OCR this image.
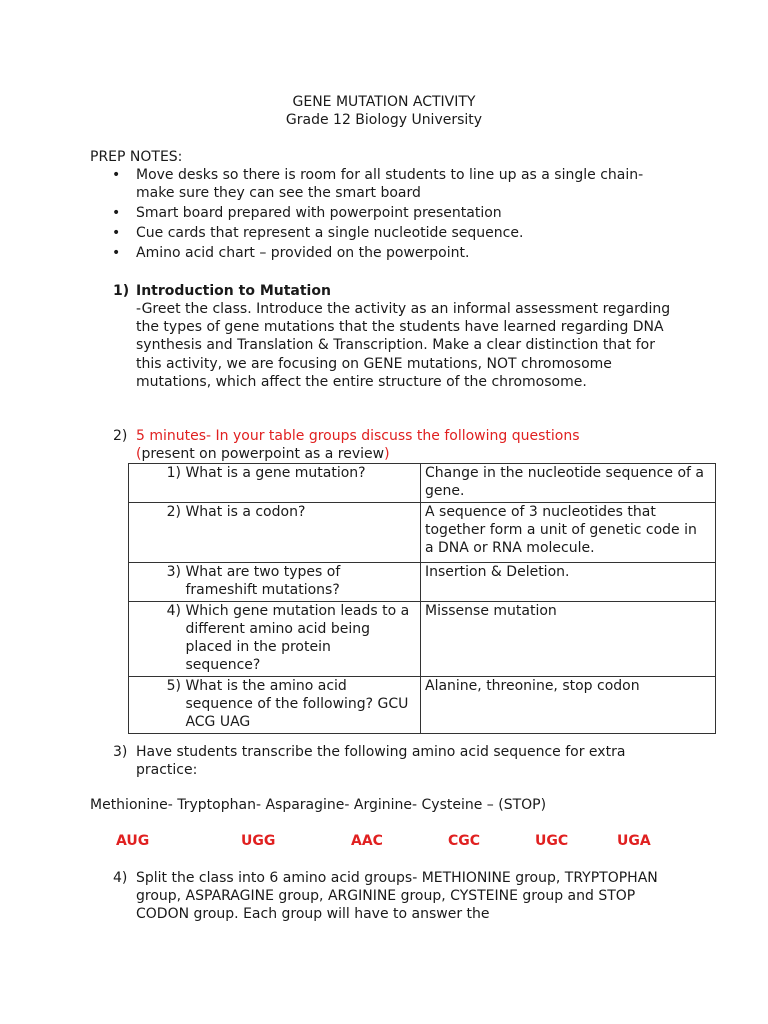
GENE MUTATION ACTIVITY
Grade 12 Biology University
PREP NOTES:
• Move desks so there is room for all students to line up as a single chain- make sure they can see the smart board
• Smart board prepared with powerpoint presentation
• Cue cards that represent a single nucleotide sequence.
• Amino acid chart – provided on the powerpoint.
1) Introduction to Mutation
-Greet the class. Introduce the activity as an informal assessment regarding the types of gene mutations that the students have learned regarding DNA synthesis and Translation & Transcription. Make a clear distinction that for this activity, we are focusing on GENE mutations, NOT chromosome mutations, which affect the entire structure of the chromosome.
2) 5 minutes- In your table groups discuss the following questions
(present on powerpoint as a review)
1) What is a gene mutation?	Change in the nucleotide sequence of a gene.
2) What is a codon?	A sequence of 3 nucleotides that together form a unit of genetic code in a DNA or RNA molecule.
3) What are two types of frameshift mutations?	Insertion & Deletion.
4) Which gene mutation leads to a different amino acid being placed in the protein sequence?	Missense mutation
5) What is the amino acid sequence of the following? GCU ACG UAG	Alanine, threonine, stop codon
3) Have students transcribe the following amino acid sequence for extra practice:
Methionine- Tryptophan- Asparagine- Arginine- Cysteine – (STOP)
AUG	UGG	AAC	CGC	UGC	UGA
4) Split the class into 6 amino acid groups- METHIONINE group, TRYPTOPHAN group, ASPARAGINE group, ARGININE group, CYSTEINE group and STOP CODON group. Each group will have to answer the
